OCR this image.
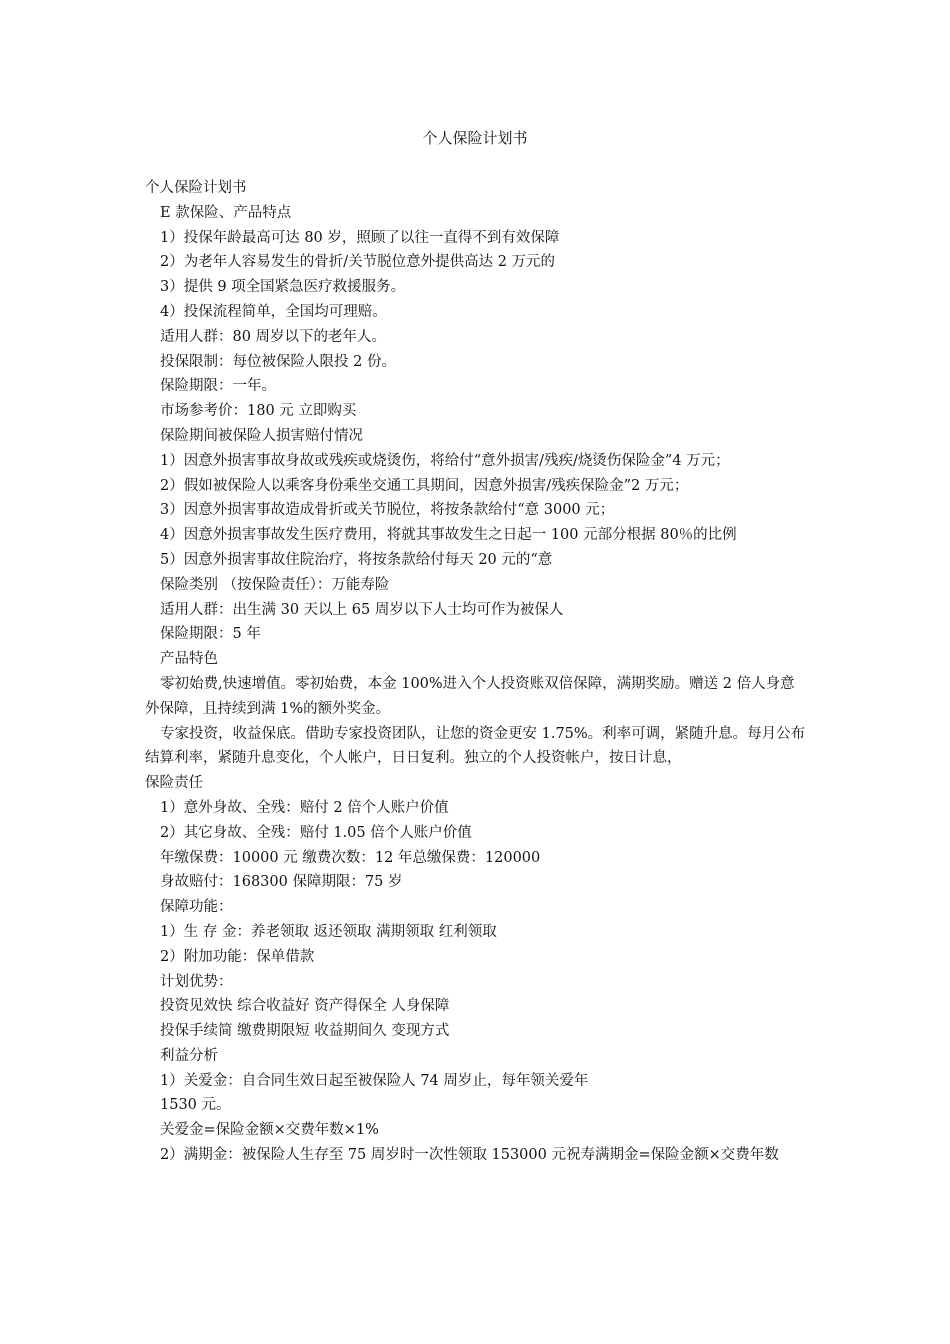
个人保险计划书
个人保险计划书
E 款保险、产品特点
1）投保年龄最高可达 80 岁，照顾了以往一直得不到有效保障
2）为老年人容易发生的骨折/关节脱位意外提供高达 2 万元的
3）提供 9 项全国紧急医疗救援服务。
4）投保流程简单，全国均可理赔。
适用人群：80 周岁以下的老年人。
投保限制：每位被保险人限投 2 份。
保险期限：一年。
市场参考价：180 元 立即购买
保险期间被保险人损害赔付情况
1）因意外损害事故身故或残疾或烧烫伤，将给付“意外损害/残疾/烧烫伤保险金”4 万元；
2）假如被保险人以乘客身份乘坐交通工具期间，因意外损害/残疾保险金”2 万元；
3）因意外损害事故造成骨折或关节脱位，将按条款给付“意 3000 元；
4）因意外损害事故发生医疗费用，将就其事故发生之日起一 100 元部分根据 80％的比例
5）因意外损害事故住院治疗，将按条款给付每天 20 元的“意
保险类别 （按保险责任）：万能寿险
适用人群：出生满 30 天以上 65 周岁以下人士均可作为被保人
保险期限：5 年
产品特色
零初始费,快速增值。零初始费，本金 100%进入个人投资账双倍保障，满期奖励。赠送 2 倍人身意外保障，且持续到满 1%的额外奖金。
专家投资，收益保底。借助专家投资团队，让您的资金更安 1.75%。利率可调，紧随升息。每月公布结算利率，紧随升息变化，个人帐户，日日复利。独立的个人投资帐户，按日计息，
保险责任
1）意外身故、全残：赔付 2 倍个人账户价值
2）其它身故、全残：赔付 1.05 倍个人账户价值
年缴保费：10000 元 缴费次数：12 年总缴保费：120000
身故赔付：168300 保障期限：75 岁
保障功能：
1）生 存 金：养老领取 返还领取 满期领取 红利领取
2）附加功能：保单借款
计划优势：
投资见效快 综合收益好 资产得保全 人身保障
投保手续简 缴费期限短 收益期间久 变现方式
利益分析
1）关爱金：自合同生效日起至被保险人 74 周岁止，每年领关爱年
1530 元。
关爱金=保险金额×交费年数×1%
2）满期金：被保险人生存至 75 周岁时一次性领取 153000 元祝寿满期金=保险金额×交费年数
